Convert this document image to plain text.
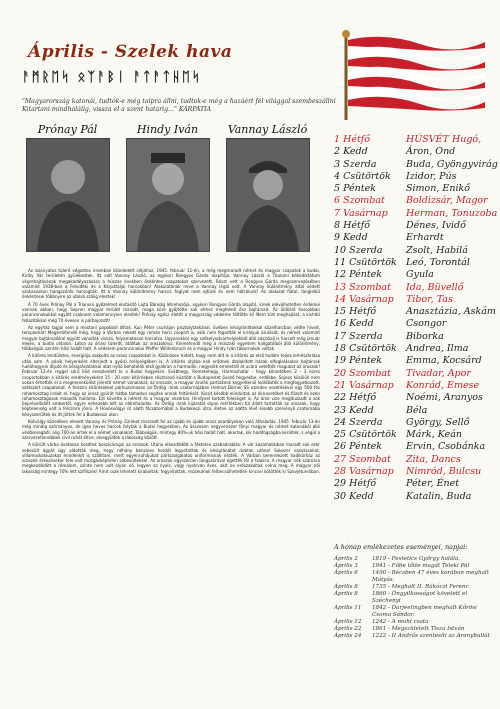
Április - Szelek hava
ᚨᛗᚱᛖᛋ ᛟᛉᚨᛒᛁ ᚨᛏᚨᛏᚺᛖᛋ
"Magyarország katonái, tudtok-e még talpra állni, tudtok-e még a hazáért fél világgal szembeszállni Kitartani mindhalálig, vissza el a szent határig..." KÁRPÁTIA
Prónay Pál	Hindy Iván	Vannay László

Az iszonyatos túlerő végzetes irramban közeledett céljához, 1945. február 11-én, a még megmaradt német és magyar csapatok a budai, Király Vár területén gyülekeztek. Itt volt Vannay László, az egykori Rongyos Gárda alapítója. Vannay László a Trianoni békediktátum végrehajtásának megakadályozására a húszas években önkéntes csapatokat szervezett. Részt vett a Rongyos Gárda megszervezésében valamint 1938-ban a Felvidéki és a Kárpátaljai harcokban! Alakulatának neve a Vannay légió volt. A Vannay különítmény által védett szakaszokon hangszórók harsogták: Itt a Vannay különítmény harcol, foglyot nem ejtünk és nem hátrálunk! Az alakulat flatal, lánglelkű önkéntesei többnyire az utolsó szálig elestek!

A 70 éves Prónay Pál a Trianoni győzelmet elutasító Lajta Bánság létrehozója, egykori Rongyos Gárda alapító, kinek elévülhetetlen érdemei vannak abban, hogy Sopron magyar terület maradt, maga köré gyűjtötte sok ehhez megfelelő ősz bajtársait. Az öldöklő harcokban parancsnokukkal együtt csaknem valamennyien elestek! Prónay egész életét a magyarság védelme töltötte ki! Nem tűrt meghajlást, a kishitű fellazítókkal még 70 évesen is párbajozott!

Az egyház tagjai sem a mostani papokból álltak. Kun Péter csuhájan pisztolytáskával, övében késigránátokkal közelharcban védte hiveit, templomát! Megemlítendő még, hogy a Várban rekedt egy román harci csoport is, akik nem fogadták el királyuk árulását, és német valamint magyar bajtársaikkal együtt vonultak vissza, folyamatosan harcolva. Ugyanakkor egy székelyudvarhelyiekből álló zászlóalj is harcolt még január elején, a budai oldalon. Látva az óriási túlerőt, átálltak az oroszokhoz. Kiemelendő még a műszaki egyetem hallgatóiból álló különítmény, többségük szintén hősi halált halt. A védelem parancsnokai Pfeffer Wildenbruch és a magyar Hindy Iván tábornokok voltak.

A kitörés lendületes, energiája sokkolta az orosz csapatokat is. Különösen hatott, hogy nem állt le a kitörés az első hullám teljes lemészárlása után sem. A pánik helyenként elterjedt a gyűrű mélységében is. A kitörés útjába eső erődnek átalakított házak elfoglalásakor bajtársak hullahegyein átjutó és késigránátokkal utat nyitó behatolók első gyakran a harmadik, negyedik emeletről át ucára vetették magukat az oroszok! Február 12-én reggel sűrű köd ereszkedett le a Budai hegyekre. Svábhegy, Remetehegy, Hármashatár - hegy körzetében 2 - 3 ezres csoportokban a kitörés eredményeként 15 - 20 ezer kitörésben résztvevő küzdött a Budapestet övező hegyekbe, erdőkbe. Sajnos közülük nem sokan érhették el a megmenekülést jelentő német vonalakat, az oroszok, a magyar árulók partizánok kegyetlenül leöldösték a megfogyatkozott, szétszórt csapatokat. A felszíni kitörésekkel párhuzamosan az Ördög -árok csatornájában Helmut Dörner SS ezredes vezetésével egy 500 fős rohamosztag indult el, hogy az orosz gyűrűt hátba támadva segítse annak feltörését. Kicsit később elindultak az áknavetőket és fűzelt és ezen rohamosztagosok második hulláma. Ezt követte a német és a magyar vezérkar. Hindyvel tartott feleséget is. Az árok vize megduzzadt a sok bepréselődött embertől, egyre nehezebb lett az előrehaladás. Az Ördög -árok kijáratát olyan mértékben túl állatt tartották az oroszok, hogy képtelenség volt a felszínre jönni. A Hűvösvölgyi út alatti főcsatornából a Budakeszi útra, illetve az alatta lévő kisebb szelvényű csatornába kényszerültek és itt jöttek fel a Budakeszi úton.

Kútvölgy közelében elesett Vannay és Prónay. Ezreket morzsolt fel az újabb és újabb orosz akadályokon való áthaladás. 1945. február 13-án még mindig szórványos, de igen heves harcok folytak a Budai hegyekben. Az összesen negyvenezer főnyi magyar és német katonából álló védőseregből, alig 700-an értek el a német vonalakat. Többségük, mintegy 80%-uk hősi halált halt, akartak, kik hadifogságba kerültek, s végül a szervezetlenebbek civil ruhát öltve, elvegyültek a lakosság között.

A kiürült várba óvatosan kezdtek beszivárogni az oroszok. Utána elkezdődött a féktelen szabadrablás. A vár kazamatáiban maradt sok ezer sebesült ágyát úgy oldották meg, hogy néhány benzines hordót leguritottak és késigránátot dobtak utána! Sokezer vasutasokat, villamoskalauzokat mindenkit is szállítani, mert egyenruhájukat pártszolgálatos uniformisnak nézték. A Várban berendezett hadikórház az oroszok érkezésekor tele volt mozgásképtelen sebesültekkel. Az oroszok egyszerűen lángszóróval égették föl a falakra. A magyar nők számára megkezdődött a rémálom, szinte nem volt olyan nő, legyen az nyolc, vagy nyolcvan éves, akit ne erőszakoltak volna meg. A magyar női lakosság mintegy 70% lett szifilszes! Amit csak lehetett kirabolták, fegyvitottak, múzeumok felbecsülhetetlen kincsei kötöttek ki Szovjetunióban.

1 Hétfő	HÚSVÉT Hugó,
2 Kedd	Áron, Ond
3 Szerda	Buda, Gyöngyvirág
4 Csütörtök Izidor, Pús
5 Péntek	Simon, Enikő
6 Szombat Boldizsár, Magor
7 Vasárnap Herman, Tonuzoba
8 Hétfő	Dénes, Ividő
9 Kedd	Erhardt
10 Szerda Zsolt, Habilá
11 Csütörtök Leó, Torontál
12 Péntek	Gyula
13 Szombat Ida, Büvellő
14 Vasárnap Tibor, Tas
15 Hétfő	Anasztázia, Askám
16 Kedd	Csongor
17 Szerda Biborka
18 Csütörtök Andrea, Ilma
19 Péntek	Emma, Kocsárd
20 Szombat Tivadar, Apor
21 Vasárnap Konrád, Emese
22 Hétfő	Noémi, Aranyos
23 Kedd	Béla
24 Szerda György, Sellő
25 Csütörtök Márk, Keán
26 Péntek	Ervin, Csobánka
27 Szombat Zita, Dancs
28 Vasárnap Nimród, Bulcsu
29 Hétfő	Péter, Énet
30 Kedd	Katalin, Buda
A hónap emlékezetes eseményei, napjai:
Április 2	1819 - Festetics György halála.
Április 3	1941 - Főbe lőtte magát Teleki Pál
Április 6	1490 - Bécsben 47 éves korában meghalt Mátyás.
Április 8	1735 - Meghalt II. Rákóczi Ferenc
Április 8	1860 - Öngyilkosságot követett el Széchenyi
Április 11 1842 - Darjeelingben meghalt Kőrösi Csoma Sándor.
Április 12 1242 - A muhi csata
Április 22 1861 - Megszületett Tisza István
Április 24 1222 - II András szentesíti az Aranybullát
